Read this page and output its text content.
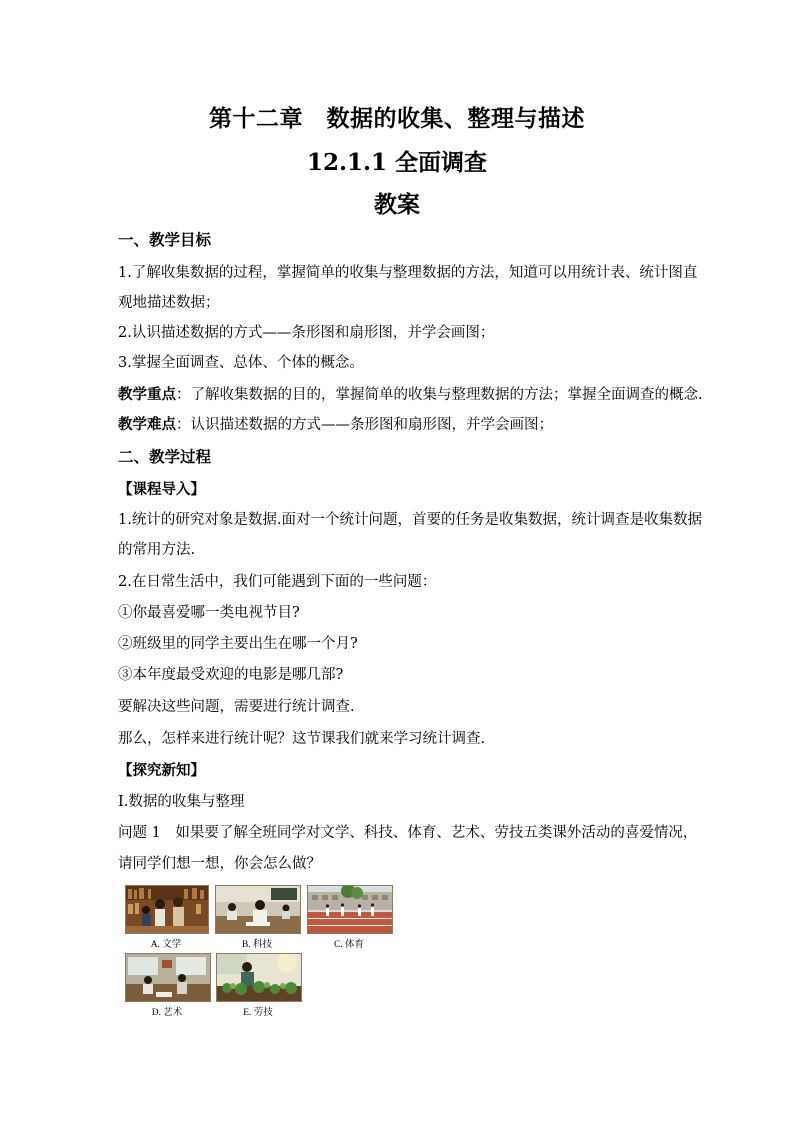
第十二章　数据的收集、整理与描述
12.1.1 全面调查
教案
一、教学目标
1.了解收集数据的过程，掌握简单的收集与整理数据的方法，知道可以用统计表、统计图直
观地描述数据；
2.认识描述数据的方式——条形图和扇形图，并学会画图；
3.掌握全面调查、总体、个体的概念。
教学重点：了解收集数据的目的，掌握简单的收集与整理数据的方法；掌握全面调查的概念.
教学难点：认识描述数据的方式——条形图和扇形图，并学会画图；
二、教学过程
【课程导入】
1.统计的研究对象是数据.面对一个统计问题，首要的任务是收集数据，统计调查是收集数据
的常用方法.
2.在日常生活中，我们可能遇到下面的一些问题：
①你最喜爱哪一类电视节目?
②班级里的同学主要出生在哪一个月?
③本年度最受欢迎的电影是哪几部?
要解决这些问题，需要进行统计调查.
那么，怎样来进行统计呢？这节课我们就来学习统计调查.
【探究新知】
Ⅰ.数据的收集与整理
问题 1　如果要了解全班同学对文学、科技、体育、艺术、劳技五类课外活动的喜爱情况，
请同学们想一想，你会怎么做？
A. 文学	B. 科技	C. 体育
D. 艺术	E. 劳技
